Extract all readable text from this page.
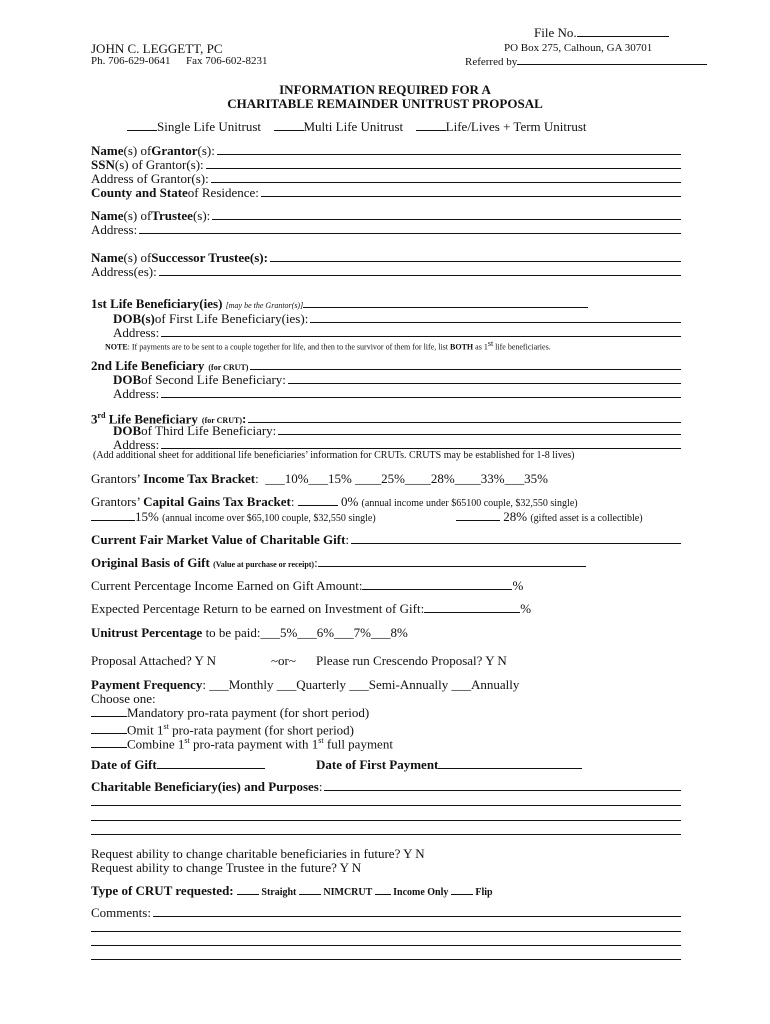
File No.
JOHN C. LEGGETT, PC	PO Box 275, Calhoun, GA 30701
Ph. 706-629-0641 Fax 706-602-8231	Referred by
INFORMATION REQUIRED FOR A
CHARITABLE REMAINDER UNITRUST PROPOSAL
Single Life Unitrust	Multi Life Unitrust	Life/Lives + Term Unitrust
Name (s) of Grantor (s):
SSN (s) of Grantor(s):
Address of Grantor(s):
County and State of Residence:
Name (s) of Trustee (s):
Address:
Name (s) of Successor Trustee(s):
Address(es):
1st Life Beneficiary(ies) [may be the Grantor(s)]
DOB(s) of First Life Beneficiary(ies):
Address:
NOTE: If payments are to be sent to a couple together for life, and then to the survivor of them for life, list BOTH as 1st life beneficiaries.
2nd Life Beneficiary (for CRUT)
DOB of Second Life Beneficiary:
Address:
3rd Life Beneficiary (for CRUT) :
DOB of Third Life Beneficiary:
Address:
(Add additional sheet for additional life beneficiaries’ information for CRUTs. CRUTS may be established for 1-8 lives)
Grantors’ Income Tax Bracket:  ___10%___15% ____25%____28%____33%___35%
Grantors’ Capital Gains Tax Bracket:	0% (annual income under $65100 couple, $32,550 single)
15% (annual income over $65,100 couple, $32,550 single)	28% (gifted asset is a collectible)
Current Fair Market Value of Charitable Gift :
Original Basis of Gift (Value at purchase or receipt):
Current Percentage Income Earned on Gift Amount:	%
Expected Percentage Return to be earned on Investment of Gift:	%
Unitrust Percentage to be paid:___5%___6%___7%___8%
Proposal Attached? Y N	~or~ Please run Crescendo Proposal? Y N
Payment Frequency: ___Monthly ___Quarterly ___Semi-Annually ___Annually
Choose one:
Mandatory pro-rata payment (for short period)
Omit 1st pro-rata payment (for short period)
Combine 1st pro-rata payment with 1st full payment
Date of Gift	Date of First Payment
Charitable Beneficiary(ies) and Purposes :
Request ability to change charitable beneficiaries in future? Y N
Request ability to change Trustee in the future? Y N
Type of CRUT requested:  Straight	NIMCRUT Income Only	Flip
Comments:
